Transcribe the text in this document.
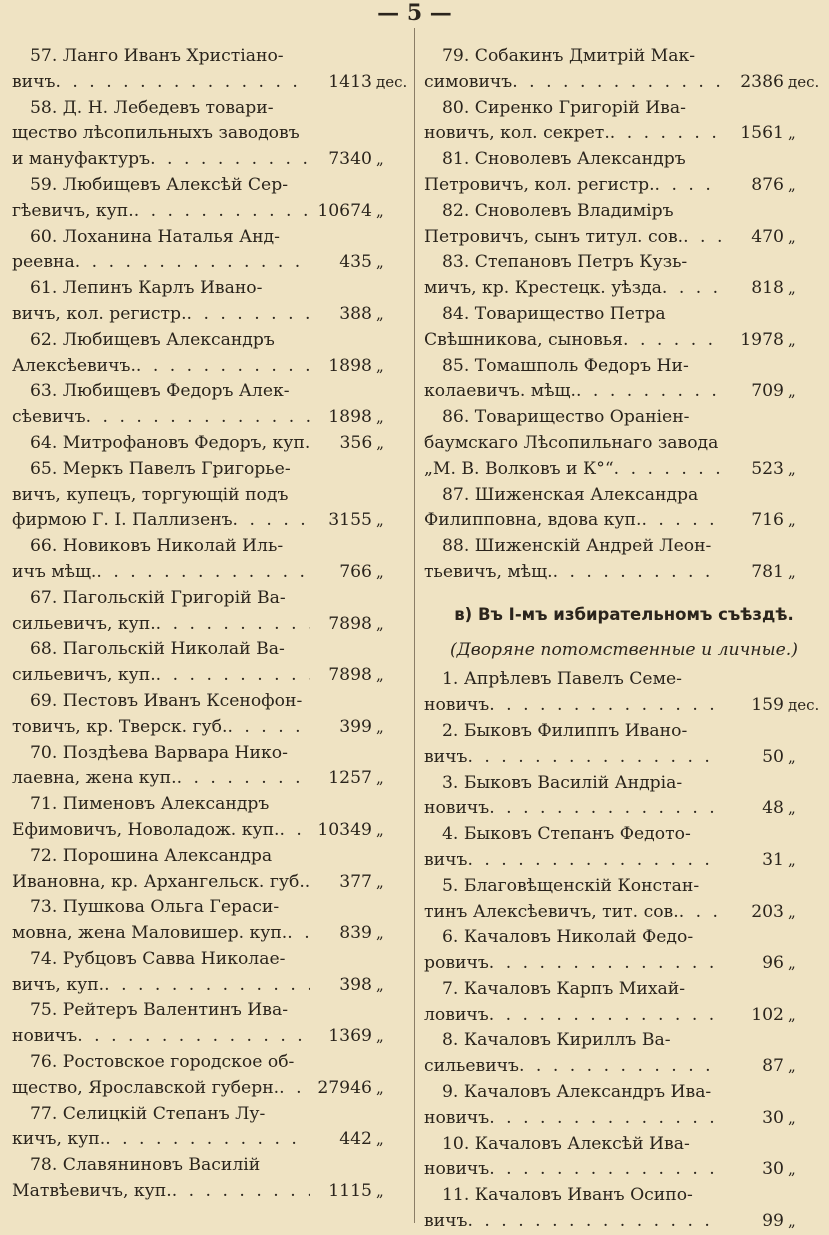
— 5 —
57. Ланго Иванъ Христiано-
вичъ . . .	1413 дес.
58. Д. Н. Лебедевъ товари-
щество лѣсопильныхъ заводовъ
и мануфактуръ . . .	7340 „
59. Любищевъ Алексѣй Сер-
гѣевичъ, куп. . . .	10674 „
60. Лоханина Наталья Анд-
реевна . . .	435 „
61. Лепинъ Карлъ Ивано-
вичъ, кол. регистр. . . .	388 „
62. Любищевъ Александръ
Алексѣевичъ. . . .	1898 „
63. Любищевъ Федоръ Алек-
сѣевичъ . . .	1898 „
64. Митрофановъ Федоръ, куп.	356 „
65. Меркъ Павелъ Григорье-
вичъ, купецъ, торгующiй подъ
фирмою Г. I. Паллизенъ . . .	3155 „
66. Новиковъ Николай Иль-
ичъ мѣщ. . . .	766 „
67. Пагольскiй Григорiй Ва-
сильевичъ, куп. . . .	7898 „
68. Пагольскiй Николай Ва-
сильевичъ, куп. . . .	7898 „
69. Пестовъ Иванъ Ксенофон-
товичъ, кр. Тверск. губ. . . .	399 „
70. Поздѣева Варвара Нико-
лаевна, жена куп. . . .	1257 „
71. Пименовъ Александръ
Ефимовичъ, Новоладож. куп. . . .	10349 „
72. Порошина Александра
Ивановна, кр. Архангельск. губ. . . .	377 „
73. Пушкова Ольга Гераси-
мовна, жена Маловишер. куп. . . .	839 „
74. Рубцовъ Савва Николае-
вичъ, куп. . . .	398 „
75. Рейтеръ Валентинъ Ива-
новичъ . . .	1369 „
76. Ростовское городское об-
щество, Ярославской губерн. . . .	27946 „
77. Селицкiй Степанъ Лу-
кичъ, куп. . . .	442 „
78. Славяниновъ Василiй
Матвѣевичъ, куп. . . .	1115 „
79. Собакинъ Дмитрiй Мак-
симовичъ . . .	2386 дес.
80. Сиренко Григорiй Ива-
новичъ, кол. секрет. . . .	1561 „
81. Сноволевъ Александръ
Петровичъ, кол. регистр. . . .	876 „
82. Сноволевъ Владимiръ
Петровичъ, сынъ титул. сов. . . .	470 „
83. Степановъ Петръ Кузь-
мичъ, кр. Крестецк. уѣзда . . .	818 „
84. Товарищество Петра
Свѣшникова, сыновья . . .	1978 „
85. Томашполь Федоръ Ни-
колаевичъ. мѣщ. . . .	709 „
86. Товарищество Оранiен-
баумскаго Лѣсопильнаго завода
„М. В. Волковъ и К°“ . . .	523 „
87. Шиженская Александра
Филипповна, вдова куп. . . .	716 „
88. Шиженскiй Андрей Леон-
тьевичъ, мѣщ. . . .	781 „
в) Въ I-мъ избирательномъ съѣздѣ.
(Дворяне потомственные и личные.)
1. Апрѣлевъ Павелъ Семе-
новичъ . . .	159 дес.
2. Быковъ Филиппъ Ивано-
вичъ . . .	50 „
3. Быковъ Василiй Андрiа-
новичъ . . .	48 „
4. Быковъ Степанъ Федото-
вичъ . . .	31 „
5. Благовѣщенскiй Констан-
тинъ Алексѣевичъ, тит. сов. . . .	203 „
6. Качаловъ Николай Федо-
ровичъ . . .	96 „
7. Качаловъ Карпъ Михай-
ловичъ . . .	102 „
8. Качаловъ Кириллъ Ва-
сильевичъ . . .	87 „
9. Качаловъ Александръ Ива-
новичъ . . .	30 „
10. Качаловъ Алексѣй Ива-
новичъ . . .	30 „
11. Качаловъ Иванъ Осипо-
вичъ . . .	99 „
